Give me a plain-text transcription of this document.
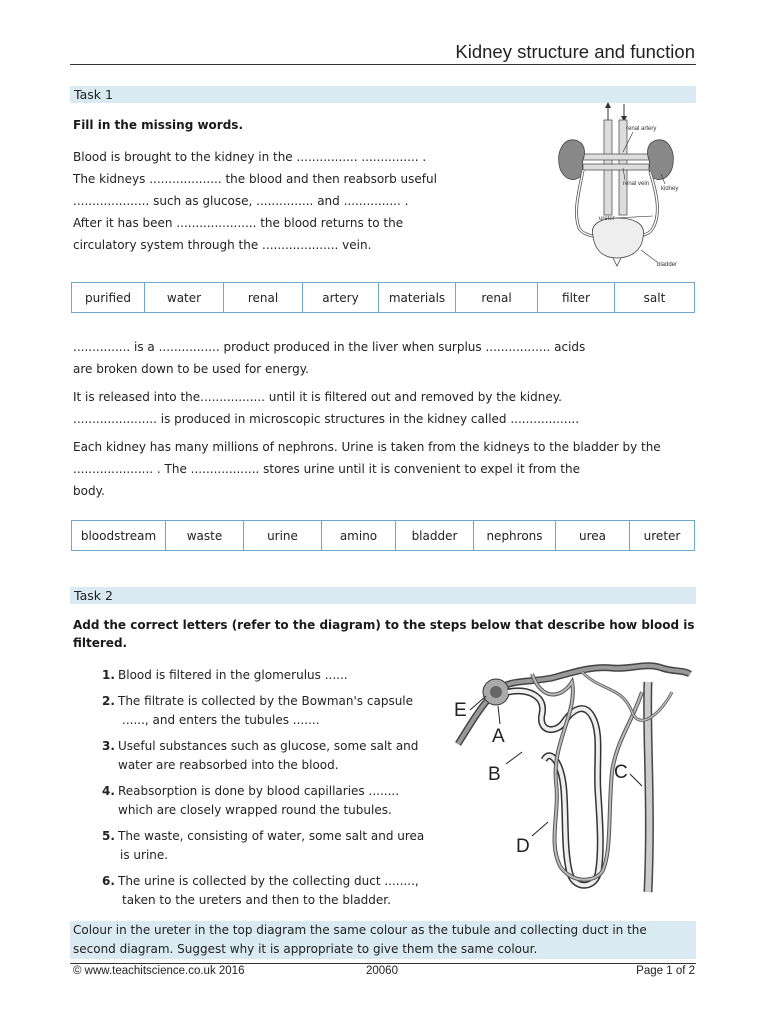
Kidney structure and function
Task 1
Fill in the missing words.

Blood is brought to the kidney in the ................ ............... .

The kidneys ................... the blood and then reabsorb useful

.................... such as glucose, ............... and ............... .

After it has been ..................... the blood returns to the

circulatory system through the .................... vein.

renal artery
renal vein
kidney
ureter
bladder
purified	water	renal	artery	materials	renal	filter	salt

............... is a ................ product produced in the liver when surplus ................. acids

are broken down to be used for energy.

It is released into the................. until it is filtered out and removed by the kidney.

...................... is produced in microscopic structures in the kidney called ..................

Each kidney has many millions of nephrons. Urine is taken from the kidneys to the bladder by the

..................... . The .................. stores urine until it is convenient to expel it from the

body.

bloodstream	waste	urine	amino	bladder	nephrons	urea	ureter
Task 2
Add the correct letters (refer to the diagram) to the steps below that describe how blood is
filtered.
1. Blood is filtered in the glomerulus ......
2. The filtrate is collected by the Bowman's capsule
......, and enters the tubules .......
3. Useful substances such as glucose, some salt and
water are reabsorbed into the blood.
4. Reabsorption is done by blood capillaries ........
which are closely wrapped round the tubules.
5. The waste, consisting of water, some salt and urea
is urine.
6. The urine is collected by the collecting duct ........,
taken to the ureters and then to the bladder.
E
A
B	C
D
Colour in the ureter in the top diagram the same colour as the tubule and collecting duct in the
second diagram. Suggest why it is appropriate to give them the same colour.
© www.teachitscience.co.uk 2016	20060	Page 1 of 2
